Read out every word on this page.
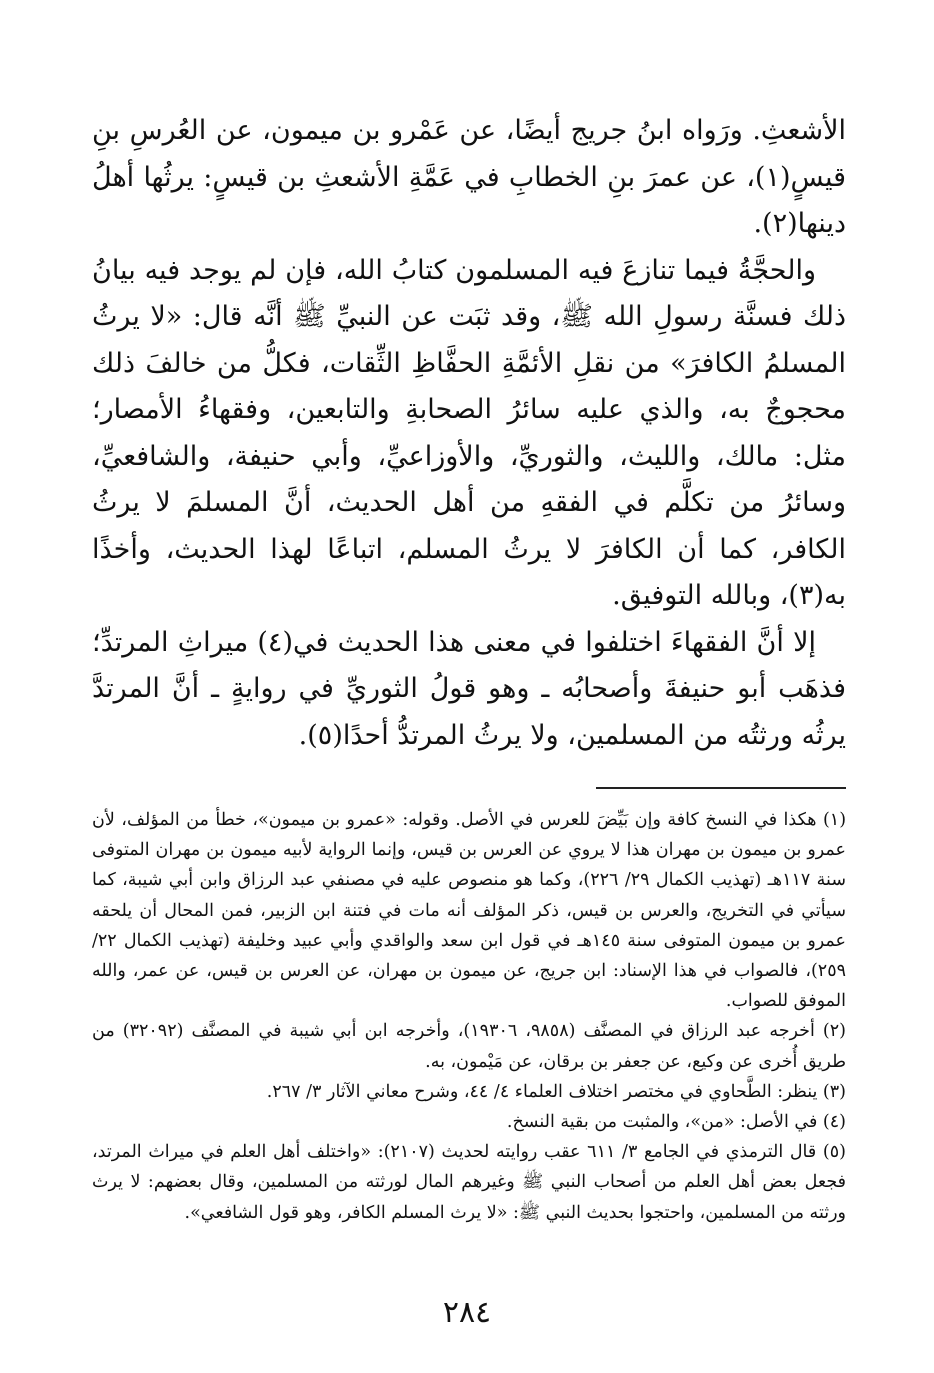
الأشعثِ. ورَواه ابنُ جريج أيضًا، عن عَمْرو بن ميمون، عن العُرسِ بنِ قيسٍ(١)، عن عمرَ بنِ الخطابِ في عَمَّةِ الأشعثِ بن قيسٍ: يرثُها أهلُ دينها(٢).

والحجَّةُ فيما تنازعَ فيه المسلمون كتابُ الله، فإن لم يوجد فيه بيانُ ذلك فسنَّة رسولِ الله ﷺ، وقد ثبَت عن النبيِّ ﷺ أنَّه قال: «لا يرثُ المسلمُ الكافرَ» من نقلِ الأئمَّةِ الحفَّاظِ الثِّقات، فكلُّ من خالفَ ذلك محجوجٌ به، والذي عليه سائرُ الصحابةِ والتابعين، وفقهاءُ الأمصار؛ مثل: مالك، والليث، والثوريِّ، والأوزاعيِّ، وأبي حنيفة، والشافعيِّ، وسائرُ من تكلَّم في الفقهِ من أهل الحديث، أنَّ المسلمَ لا يرثُ الكافر، كما أن الكافرَ لا يرثُ المسلم، اتباعًا لهذا الحديث، وأخذًا به(٣)، وبالله التوفيق.

إلا أنَّ الفقهاءَ اختلفوا في معنى هذا الحديث في(٤) ميراثِ المرتدِّ؛ فذهَب أبو حنيفةَ وأصحابُه ـ وهو قولُ الثوريِّ في روايةٍ ـ أنَّ المرتدَّ يرثُه ورثتُه من المسلمين، ولا يرثُ المرتدُّ أحدًا(٥).

(١) هكذا في النسخ كافة وإن بَيِّضَ للعرس في الأصل. وقوله: «عمرو بن ميمون»، خطأ من المؤلف، لأن عمرو بن ميمون بن مهران هذا لا يروي عن العرس بن قيس، وإنما الرواية لأبيه ميمون بن مهران المتوفى سنة ١١٧هـ (تهذيب الكمال ٢٩/ ٢٢٦)، وكما هو منصوص عليه في مصنفي عبد الرزاق وابن أبي شيبة، كما سيأتي في التخريج، والعرس بن قيس، ذكر المؤلف أنه مات في فتنة ابن الزبير، فمن المحال أن يلحقه عمرو بن ميمون المتوفى سنة ١٤٥هـ في قول ابن سعد والواقدي وأبي عبيد وخليفة (تهذيب الكمال ٢٢/ ٢٥٩)، فالصواب في هذا الإسناد: ابن جريج، عن ميمون بن مهران، عن العرس بن قيس، عن عمر، والله الموفق للصواب.

(٢) أخرجه عبد الرزاق في المصنَّف (٩٨٥٨، ١٩٣٠٦)، وأخرجه ابن أبي شيبة في المصنَّف (٣٢٠٩٢) من طريق أُخرى عن وكيع، عن جعفر بن برقان، عن مَيْمون، به.

(٣) ينظر: الطَّحاوي في مختصر اختلاف العلماء ٤/ ٤٤، وشرح معاني الآثار ٣/ ٢٦٧.

(٤) في الأصل: «من»، والمثبت من بقية النسخ.

(٥) قال الترمذي في الجامع ٣/ ٦١١ عقب روايته لحديث (٢١٠٧): «واختلف أهل العلم في ميراث المرتد، فجعل بعض أهل العلم من أصحاب النبي ﷺ وغيرهم المال لورثته من المسلمين، وقال بعضهم: لا يرث ورثته من المسلمين، واحتجوا بحديث النبي ﷺ: «لا يرث المسلم الكافر، وهو قول الشافعي».

٢٨٤
